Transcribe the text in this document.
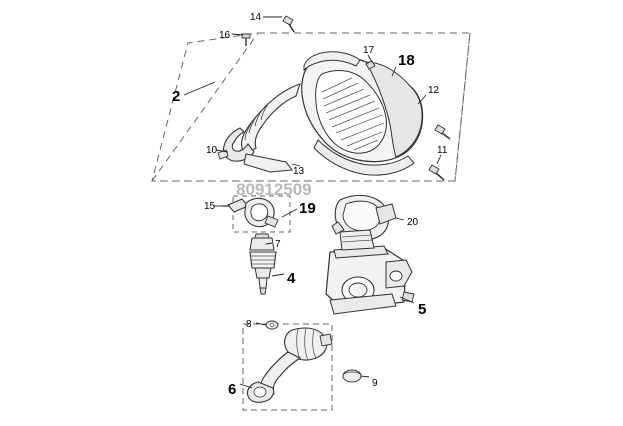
14
16
17
18
12
2
11
10
13
15	19
20
7
4
5
8
9
6
80912509
